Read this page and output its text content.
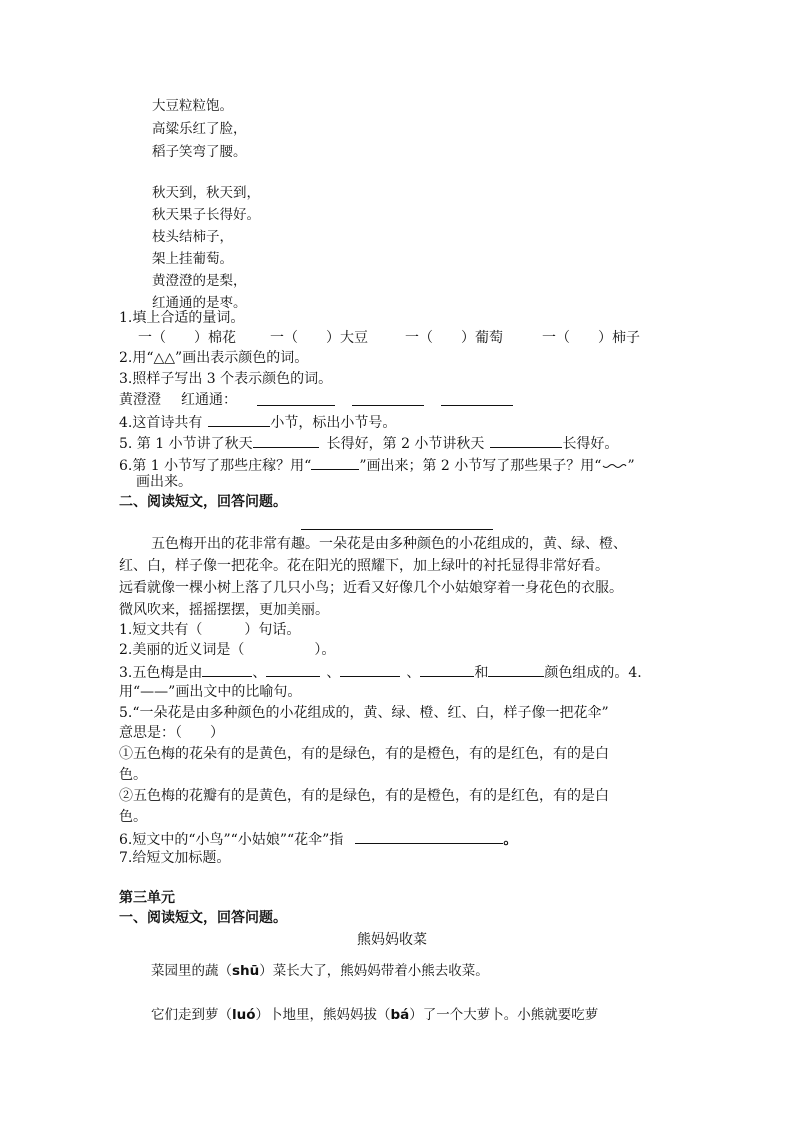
大豆粒粒饱。
高粱乐红了脸，
稻子笑弯了腰。
秋天到，秋天到，
秋天果子长得好。
枝头结柿子，
架上挂葡萄。
黄澄澄的是梨，
红通通的是枣。
1.填上合适的量词。
一（　　）棉花 一（　　）大豆	一（　　）葡萄	一（　　）柿子
2.用“△△”画出表示颜色的词。
3.照样子写出 3 个表示颜色的词。
黄澄澄 红通通：
4.这首诗共有	小节，标出小节号。
5. 第 1 小节讲了秋天	长得好，第 2 小节讲秋天	长得好。
6.第 1 小节写了那些庄稼？用“	”画出来；第 2 小节写了那些果子？用“ ”
画出来。
二、阅读短文，回答问题。
五色梅开出的花非常有趣。一朵花是由多种颜色的小花组成的，黄、绿、橙、
红、白，样子像一把花伞。花在阳光的照耀下，加上绿叶的衬托显得非常好看。
远看就像一棵小树上落了几只小鸟；近看又好像几个小姑娘穿着一身花色的衣服。
微风吹来，摇摇摆摆，更加美丽。
1.短文共有（　　　）句话。
2.美丽的近义词是（　　　　　）。
3.五色梅是由	、	、	、	和	颜色组成的。4.
用“——”画出文中的比喻句。
5.“一朵花是由多种颜色的小花组成的，黄、绿、橙、红、白，样子像一把花伞”
意思是：（　　）
①五色梅的花朵有的是黄色，有的是绿色，有的是橙色，有的是红色，有的是白
色。
②五色梅的花瓣有的是黄色，有的是绿色，有的是橙色，有的是红色，有的是白
色。
6.短文中的“小鸟”“小姑娘”“花伞”指	。
7.给短文加标题。
第三单元
一、阅读短文，回答问题。
熊妈妈收菜
菜园里的蔬（shū）菜长大了，熊妈妈带着小熊去收菜。
它们走到萝（luó）卜地里，熊妈妈拔（bá）了一个大萝卜。小熊就要吃萝
